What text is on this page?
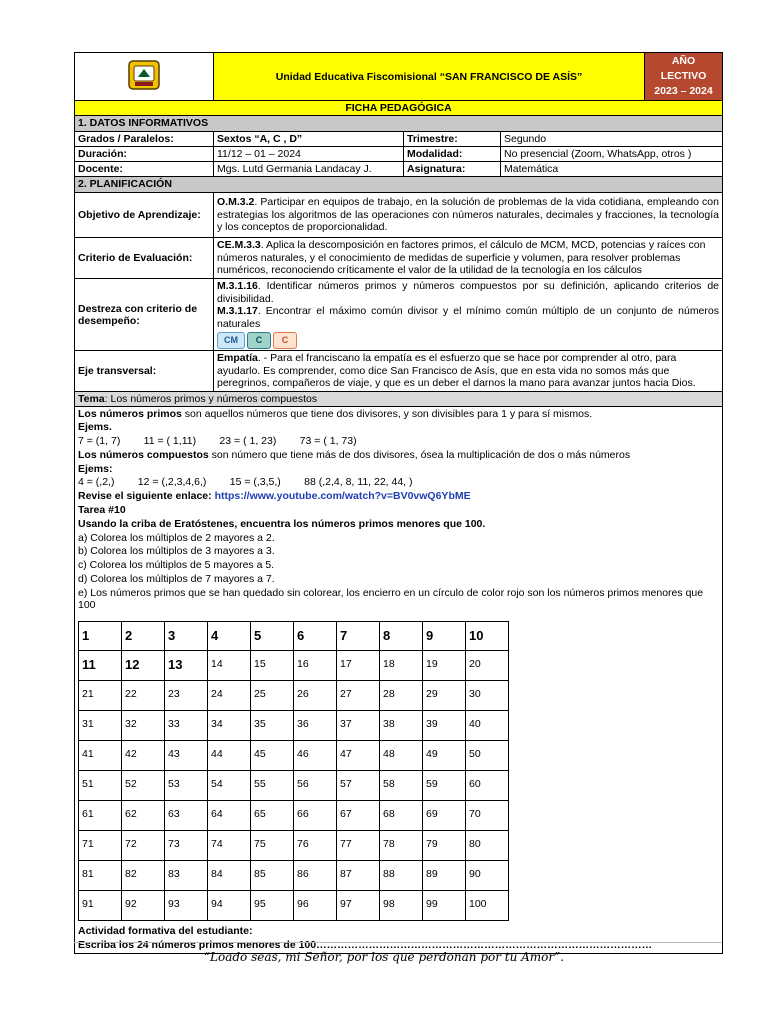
	Unidad Educativa Fiscomisional “SAN FRANCISCO DE ASÍS”	
AÑO LECTIVO
2023 – 2024

FICHA PEDAGÓGICA
1. DATOS INFORMATIVOS
Grados / Paralelos:	Sextos “A, C , D”	Trimestre:	Segundo
Duración:	11/12 – 01 – 2024	Modalidad:	No presencial (Zoom, WhatsApp, otros )
Docente:	Mgs. Lutd Germania Landacay J.	Asignatura:	Matemática
2. PLANIFICACIÓN
Objetivo de Aprendizaje:	O.M.3.2. Participar en equipos de trabajo, en la solución de problemas de la vida cotidiana, empleando con estrategias los algoritmos de las operaciones con números naturales, decimales y fracciones, la tecnología y los conceptos de proporcionalidad.
Criterio de Evaluación:	CE.M.3.3. Aplica la descomposición en factores primos, el cálculo de MCM, MCD, potencias y raíces con números naturales, y el conocimiento de medidas de superficie y volumen, para resolver problemas numéricos, reconociendo críticamente el valor de la utilidad de la tecnología en los cálculos
Destreza con criterio de desempeño:	
M.3.1.16. Identificar números primos y números compuestos por su definición, aplicando criterios de divisibilidad.
M.3.1.17. Encontrar el máximo común divisor y el mínimo común múltiplo de un conjunto de números naturales
CM C C

Eje transversal:	Empatía. - Para el franciscano la empatía es el esfuerzo que se hace por comprender al otro, para ayudarlo. Es comprender, como dice San Francisco de Asís, que en esta vida no somos más que peregrinos, compañeros de viaje, y que es un deber el darnos la mano para avanzar juntos hacia Dios.
Tema: Los números primos y números compuestos

Los números primos son aquellos números que tiene dos divisores, y son divisibles para 1 y para sí mismos.
Ejems.
7 = (1, 7)        11 = ( 1,11)        23 = ( 1, 23)        73 = ( 1, 73)
Los números compuestos son número que tiene más de dos divisores, ósea la multiplicación de dos o más números
Ejems:
4 = (,2,)        12 = (,2,3,4,6,)        15 = (,3,5,)        88 (,2,4, 8, 11, 22, 44, )
Revise el siguiente enlace: https://www.youtube.com/watch?v=BV0vwQ6YbME
Tarea #10
Usando la criba de Eratóstenes, encuentra los números primos menores que 100.
a) Colorea los múltiplos de 2 mayores a 2.
b) Colorea los múltiplos de 3 mayores a 3.
c) Colorea los múltiplos de 5 mayores a 5.
d) Colorea los múltiplos de 7 mayores a 7.
e) Los números primos que se han quedado sin colorear, los encierro en un círculo de color rojo son los números primos menores que 100
1	2	3	4	5	6	7	8	9	10
11	12	13	14	15	16	17	18	19	20
21	22	23	24	25	26	27	28	29	30
31	32	33	34	35	36	37	38	39	40
41	42	43	44	45	46	47	48	49	50
51	52	53	54	55	56	57	58	59	60
61	62	63	64	65	66	67	68	69	70
71	72	73	74	75	76	77	78	79	80
81	82	83	84	85	86	87	88	89	90
91	92	93	94	95	96	97	98	99	100
Actividad formativa del estudiante:
Escriba los 24 números primos menores de 100……………………………………………………………………………………
“Loado seas, mi Señor, por los que perdonan por tu Amor”.
